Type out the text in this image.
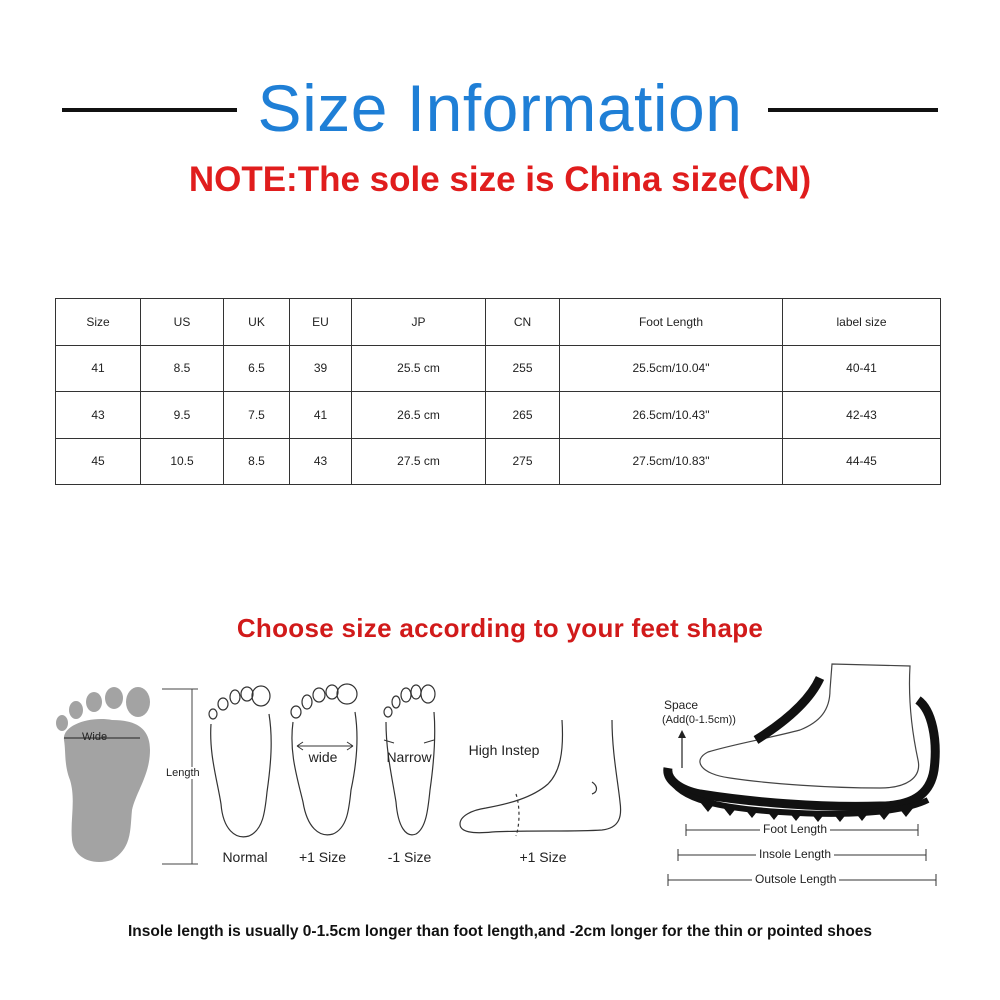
Size Information
NOTE:The sole size is China size(CN)
Size	US	UK	EU	JP	CN	Foot Length	label size
41	8.5	6.5	39	25.5 cm	255	25.5cm/10.04"	40-41
43	9.5	7.5	41	26.5 cm	265	26.5cm/10.43"	42-43
45	10.5	8.5	43	27.5 cm	275	27.5cm/10.83"	44-45
Choose size according to your feet shape
Wide
Length
wide	Narrow
Normal	+1 Size	-1 Size
High Instep
+1 Size
Space
(Add(0-1.5cm))
Foot Length
Insole Length
Outsole Length
Insole length is usually 0-1.5cm longer than foot length,and -2cm longer for the thin or pointed shoes
